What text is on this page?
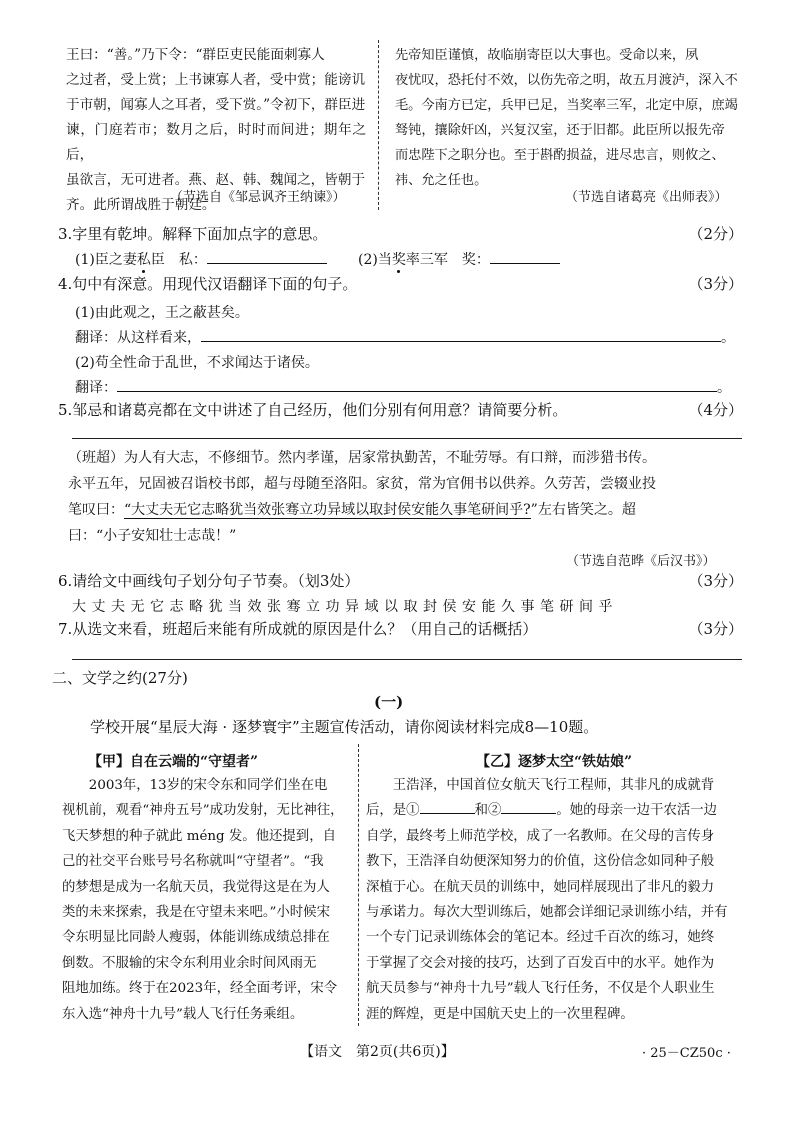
王曰：“善。”乃下令：“群臣吏民能面刺寡人
之过者，受上赏；上书谏寡人者，受中赏；能谤讥
于市朝，闻寡人之耳者，受下赏。”令初下，群臣进
谏，门庭若市；数月之后，时时而间进；期年之后，
虽欲言，无可进者。燕、赵、韩、魏闻之，皆朝于
齐。此所谓战胜于朝廷。
（节选自《邹忌讽齐王纳谏》）
先帝知臣谨慎，故临崩寄臣以大事也。受命以来，夙
夜忧叹，恐托付不效，以伤先帝之明，故五月渡泸，深入不
毛。今南方已定，兵甲已足，当奖率三军，北定中原，庶竭
驽钝，攘除奸凶，兴复汉室，还于旧都。此臣所以报先帝
而忠陛下之职分也。至于斟酌损益，进尽忠言，则攸之、
祎、允之任也。
（节选自诸葛亮《出师表》）
3.字里有乾坤。解释下面加点字的意思。	（2分）
(1)臣之妻私臣　私：	(2)当奖率三军　奖：
4.句中有深意。用现代汉语翻译下面的句子。	（3分）
(1)由此观之，王之蔽甚矣。
翻译：从这样看来，	。
(2)苟全性命于乱世，不求闻达于诸侯。
翻译：	。
5.邹忌和诸葛亮都在文中讲述了自己经历，他们分别有何用意？请简要分析。	（4分）
（班超）为人有大志，不修细节。然内孝谨，居家常执勤苦，不耻劳辱。有口辩，而涉猎书传。
永平五年，兄固被召诣校书郎，超与母随至洛阳。家贫，常为官佣书以供养。久劳苦，尝辍业投
笔叹曰：“大丈夫无它志略犹当效张骞立功异域以取封侯安能久事笔研间乎?”左右皆笑之。超
曰：“小子安知壮士志哉！”
（节选自范晔《后汉书》）
6.请给文中画线句子划分句子节奏。（划3处）	（3分）
大丈夫无它志略犹当效张骞立功异域以取封侯安能久事笔研间乎
7.从选文来看，班超后来能有所成就的原因是什么？（用自己的话概括）	（3分）
二、文学之约(27分)
(一)
学校开展“星辰大海 · 逐梦寰宇”主题宣传活动，请你阅读材料完成8—10题。
【甲】自在云端的“守望者”
2003年，13岁的宋令东和同学们坐在电
视机前，观看“神舟五号”成功发射，无比神往，
飞天梦想的种子就此 méng 发。他还提到，自
己的社交平台账号号名称就叫“守望者”。“我
的梦想是成为一名航天员，我觉得这是在为人
类的未来探索，我是在守望未来吧。”小时候宋
令东明显比同龄人瘦弱，体能训练成绩总排在
倒数。不服输的宋令东利用业余时间风雨无
阻地加练。终于在2023年，经全面考评，宋令
东入选“神舟十九号”载人飞行任务乘组。
【乙】逐梦太空“铁姑娘”
王浩泽，中国首位女航天飞行工程师，其非凡的成就背
后，是①	和②	。她的母亲一边干农活一边
自学，最终考上师范学校，成了一名教师。在父母的言传身
教下，王浩泽自幼便深知努力的价值，这份信念如同种子般
深植于心。在航天员的训练中，她同样展现出了非凡的毅力
与承诺力。每次大型训练后，她都会详细记录训练小结，并有
一个专门记录训练体会的笔记本。经过千百次的练习，她终
于掌握了交会对接的技巧，达到了百发百中的水平。她作为
航天员参与“神舟十九号”载人飞行任务，不仅是个人职业生
涯的辉煌，更是中国航天史上的一次里程碑。
【语文　第2页(共6页)】	· 25－CZ50c ·
